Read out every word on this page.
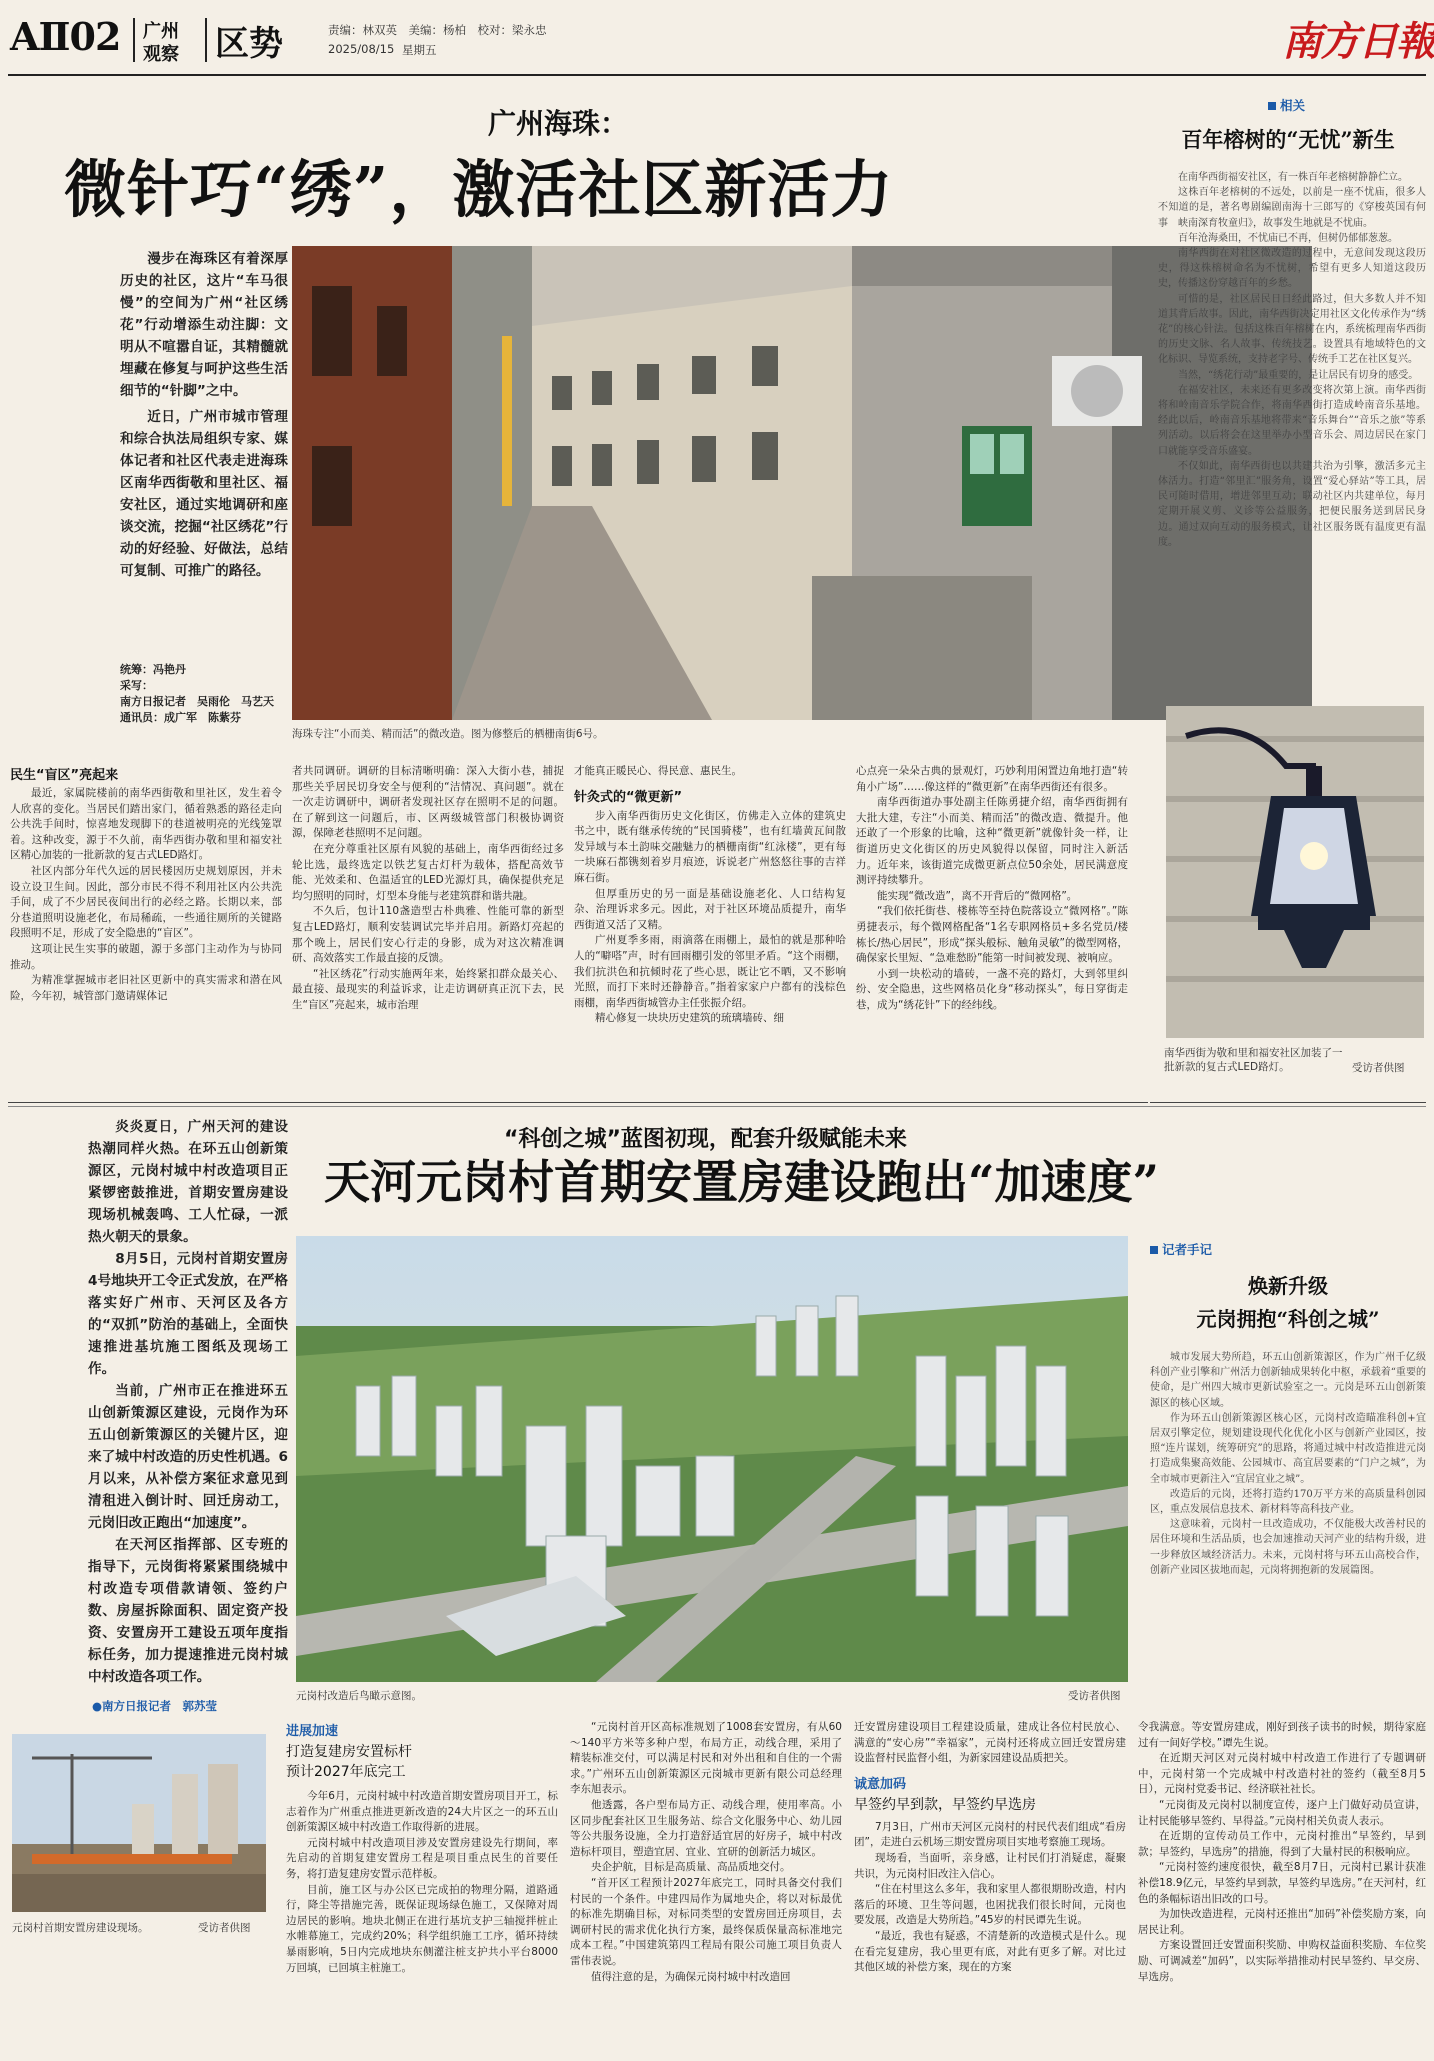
AⅡ02 广州
观察 区势	责编：林双英　美编：杨柏　校对：梁永忠
2025/08/15 星期五	南方日報
广州海珠：
微针巧“绣”，激活社区新活力

漫步在海珠区有着深厚历史的社区，这片“车马很慢”的空间为广州“社区绣花”行动增添生动注脚：文明从不喧嚣自证，其精髓就埋藏在修复与呵护这些生活细节的“针脚”之中。

近日，广州市城市管理和综合执法局组织专家、媒体记者和社区代表走进海珠区南华西街敬和里社区、福安社区，通过实地调研和座谈交流，挖掘“社区绣花”行动的好经验、好做法，总结可复制、可推广的路径。

统筹：冯艳丹
采写：
南方日报记者　吴雨伦　马艺天
通讯员：成广军　陈紫芬
海珠专注“小而美、精而活”的微改造。图为修整后的栖栅南街6号。
民生“盲区”亮起来

最近，家属院楼前的南华西街敬和里社区，发生着令人欣喜的变化。当居民们踏出家门，循着熟悉的路径走向公共洗手间时，惊喜地发现脚下的巷道被明亮的光线笼罩着。这种改变，源于不久前，南华西街办敬和里和福安社区精心加装的一批新款的复古式LED路灯。

社区内部分年代久远的居民楼因历史规划原因，并未设立设卫生间。因此，部分市民不得不利用社区内公共洗手间，成了不少居民夜间出行的必经之路。长期以来，部分巷道照明设施老化，布局稀疏，一些通往厕所的关键路段照明不足，形成了安全隐患的“盲区”。

这项让民生实事的破题，源于多部门主动作为与协同推动。

为精准掌握城市老旧社区更新中的真实需求和潜在风险，今年初，城管部门邀请媒体记

者共同调研。调研的目标清晰明确：深入大街小巷，捕捉那些关乎居民切身安全与便利的“洁情况、真问题”。就在一次走访调研中，调研者发现社区存在照明不足的问题。在了解到这一问题后，市、区两级城管部门积极协调资源，保障老巷照明不足问题。

在充分尊重社区原有风貌的基础上，南华西街经过多轮比选，最终选定以铁艺复古灯杆为载体，搭配高效节能、光效柔和、色温适宜的LED光源灯具，确保提供充足均匀照明的同时，灯型本身能与老建筑群和谐共融。

不久后，包计110盏造型古朴典雅、性能可靠的新型复古LED路灯，顺利安装调试完毕并启用。新路灯亮起的那个晚上，居民们安心行走的身影，成为对这次精准调研、高效落实工作最直接的反馈。

“社区绣花”行动实施两年来，始终紧扣群众最关心、最直接、最现实的利益诉求，让走访调研真正沉下去，民生“盲区”亮起来，城市治理

才能真正暖民心、得民意、惠民生。

针灸式的“微更新”

步入南华西街历史文化街区，仿佛走入立体的建筑史书之中，既有继承传统的“民国骑楼”，也有红墙黄瓦间散发异域与本土韵味交融魅力的栖栅南街“红泳楼”，更有每一块麻石都镌刻着岁月痕迹，诉说老广州悠悠往事的吉祥麻石街。

但厚重历史的另一面是基础设施老化、人口结构复杂、治理诉求多元。因此，对于社区环境品质提升，南华西街道又活了又精。

广州夏季多雨，雨滴落在雨棚上，最怕的就是那种哈人的“噼嗒”声，时有回雨棚引发的邻里矛盾。“这个雨棚，我们抗洪色和抗倾时花了些心思，既让它不晒，又不影响光照，而打下来时还静静音。”指着家家户户都有的浅棕色雨棚，南华西街城管办主任张振介绍。

精心修复一块块历史建筑的琉璃墙砖、细

心点亮一朵朵古典的景观灯，巧妙利用闲置边角地打造“转角小广场”……像这样的“微更新”在南华西街还有很多。

南华西街道办事处副主任陈勇捷介绍，南华西街拥有大批大建，专注“小而美、精而活”的微改造、微提升。他还敢了一个形象的比喻，这种“微更新”就像针灸一样，让街道历史文化街区的历史风貌得以保留，同时注入新活力。近年来，该街道完成微更新点位50余处，居民满意度测评持续攀升。

能实现“微改造”，离不开背后的“微网格”。

“我们依托街巷、楼栋等至持色院落设立“微网格”。”陈勇捷表示，每个微网格配备“1名专职网格员+多名党员/楼栋长/热心居民”，形成“探头般标、触角灵敏”的微型网格，确保家长里短、“急难愁盼”能第一时间被发现、被响应。

小到一块松动的墙砖，一盏不亮的路灯，大到邻里纠纷、安全隐患，这些网格员化身“移动探头”，每日穿街走巷，成为“绣花针”下的经纬线。

相关
百年榕树的“无忧”新生

在南华西街福安社区，有一株百年老榕树静静伫立。

这株百年老榕树的不远处，以前是一座不忧庙，很多人不知道的是，著名粤剧编剧南海十三郎写的《穿梭英国有何事　峡南深育牧童归》，故事发生地就是不忧庙。

百年沧海桑田，不忧庙已不再，但树仍郁郁葱葱。

南华西街在对社区微改造的过程中，无意间发现这段历史，得这株榕树命名为不忧树，希望有更多人知道这段历史，传播这份穿越百年的乡愁。

可惜的是，社区居民日日经此路过，但大多数人并不知道其背后故事。因此，南华西街决定用社区文化传承作为“绣花”的核心针法。包括这株百年榕树在内，系统梳理南华西街的历史文脉、名人故事、传统技艺。设置具有地域特色的文化标识、导览系统，支持老字号、传统手工艺在社区复兴。

当然，“绣花行动”最重要的，是让居民有切身的感受。

在福安社区，未来还有更多改变将次第上演。南华西街将和岭南音乐学院合作，将南华西街打造成岭南音乐基地。经此以后，岭南音乐基地将带来“音乐舞台”“音乐之旅”等系列活动。以后将会在这里举办小型音乐会、周边居民在家门口就能享受音乐盛宴。

不仅如此，南华西街也以共建共治为引擎，激活多元主体活力。打造“邻里汇”服务角，设置“爱心驿站”等工具，居民可随时借用，增进邻里互动；联动社区内共建单位，每月定期开展义剪、义诊等公益服务，把便民服务送到居民身边。通过双向互动的服务模式，让社区服务既有温度更有温度。

南华西街为敬和里和福安社区加装了一批新款的复古式LED路灯。	受访者供图
“科创之城”蓝图初现，配套升级赋能未来
天河元岗村首期安置房建设跑出“加速度”

炎炎夏日，广州天河的建设热潮同样火热。在环五山创新策源区，元岗村城中村改造项目正紧锣密鼓推进，首期安置房建设现场机械轰鸣、工人忙碌，一派热火朝天的景象。

8月5日，元岗村首期安置房4号地块开工令正式发放，在严格落实好广州市、天河区及各方的“双抓”防治的基础上，全面快速推进基坑施工图纸及现场工作。

当前，广州市正在推进环五山创新策源区建设，元岗作为环五山创新策源区的关键片区，迎来了城中村改造的历史性机遇。6月以来，从补偿方案征求意见到清租进入倒计时、回迁房动工，元岗旧改正跑出“加速度”。

在天河区指挥部、区专班的指导下，元岗街将紧紧围绕城中村改造专项借款请领、签约户数、房屋拆除面积、固定资产投资、安置房开工建设五项年度指标任务，加力提速推进元岗村城中村改造各项工作。

●南方日报记者　郭苏莹
元岗村改造后鸟瞰示意图。	受访者供图
元岗村首期安置房建设现场。	受访者供图
进展加速
打造复建房安置标杆
预计2027年底完工

今年6月，元岗村城中村改造首期安置房项目开工，标志着作为广州重点推进更新改造的24大片区之一的环五山创新策源区城中村改造工作取得新的进展。

元岗村城中村改造项目涉及安置房建设先行期间，率先启动的首期复建安置房工程是项目重点民生的首要任务，将打造复建房安置示范样板。

目前，施工区与办公区已完成拍的物理分隔，道路通行，降尘等措施完善，既保证现场绿色施工，又保障对周边居民的影响。地块北侧正在进行基坑支护三轴搅拌桩止水帷幕施工，完成约20%；科学组织施工工序，循环持续暴雨影响，5日内完成地块东侧灌注桩支护共小平台8000万回填，已回填主桩施工。

“元岗村首开区高标准规划了1008套安置房，有从60～140平方米等多种户型，布局方正，动线合理，采用了精装标准交付，可以满足村民和对外出租和自住的一个需求。”广州环五山创新策源区元岗城市更新有限公司总经理李东旭表示。

他透露，各户型布局方正、动线合理，使用率高。小区同步配套社区卫生服务站、综合文化服务中心、幼儿园等公共服务设施，全力打造舒适宜居的好房子，城中村改造标杆项目，塑造宜居、宜业、宜研的创新活力城区。

央企护航，目标是高质量、高品质地交付。

“首开区工程预计2027年底完工，同时具备交付我们村民的一个条件。中建四局作为属地央企，将以对标最优的标准先期确目标，对标同类型的安置房回迁房项目，去调研村民的需求优化执行方案，最终保质保量高标准地完成本工程。”中国建筑第四工程局有限公司施工项目负责人雷伟表说。

值得注意的是，为确保元岗村城中村改造回

迁安置房建设项目工程建设质量，建成让各位村民放心、满意的“安心房”“幸福家”，元岗村还将成立回迁安置房建设监督村民监督小组，为新家园建设品质把关。

诚意加码
早签约早到款，早签约早选房

7月3日，广州市天河区元岗村的村民代表们组成“看房团”，走进白云机场三期安置房项目实地考察施工现场。

现场看，当面听，亲身感，让村民们打消疑虑，凝聚共识，为元岗村旧改注入信心。

“住在村里这么多年，我和家里人都很期盼改造，村内落后的环境、卫生等问题，也困扰我们很长时间，元岗也要发展，改造是大势所趋。”45岁的村民谭先生说。

“最近，我也有疑惑，不清楚新的改造模式是什么。现在看完复建房，我心里更有底，对此有更多了解。对比过其他区域的补偿方案，现在的方案

令我满意。等安置房建成，刚好到孩子读书的时候，期待家庭过有一间好学校。”谭先生说。

在近期天河区对元岗村城中村改造工作进行了专题调研中，元岗村第一个完成城中村改造村社的签约（截至8月5日），元岗村党委书记、经济联社社长。

“元岗街及元岗村以制度宣传，逐户上门做好动员宣讲，让村民能够早签约、早得益。”元岗村相关负责人表示。

在近期的宣传动员工作中，元岗村推出“早签约，早到款；早签约，早选房”的措施，得到了大量村民的积极响应。

“元岗村签约速度很快，截至8月7日，元岗村已累计获准补偿18.9亿元，早签约早到款，早签约早选房。”在天河村，红色的条幅标语出旧改的口号。

为加快改造进程，元岗村还推出“加码”补偿奖励方案，向居民让利。

方案设置回迁安置面积奖励、申购权益面积奖励、车位奖励、可调减差“加码”，以实际举措推动村民早签约、早交房、早选房。

记者手记
焕新升级
元岗拥抱“科创之城”

城市发展大势所趋，环五山创新策源区，作为广州千亿级科创产业引擎和广州活力创新轴成果转化中枢，承载着“重要的使命，是广州四大城市更新试验室之一。元岗是环五山创新策源区的核心区域。

作为环五山创新策源区核心区，元岗村改造瞄准科创+宜居双引擎定位，规划建设现代化优化小区与创新产业园区，按照“连片谋划，统筹研究”的思路，将通过城中村改造推进元岗打造成集聚高效能、公园城市、高宜居要素的“门户之城”，为全市城市更新注入“宜居宜业之城”。

改造后的元岗，还将打造约170万平方米的高质量科创园区，重点发展信息技术、新材料等高科技产业。

这意味着，元岗村一旦改造成功，不仅能极大改善村民的居住环境和生活品质，也会加速推动天河产业的结构升级，进一步释放区域经济活力。未来，元岗村将与环五山高校合作，创新产业园区拔地而起，元岗将拥抱新的发展篇图。
